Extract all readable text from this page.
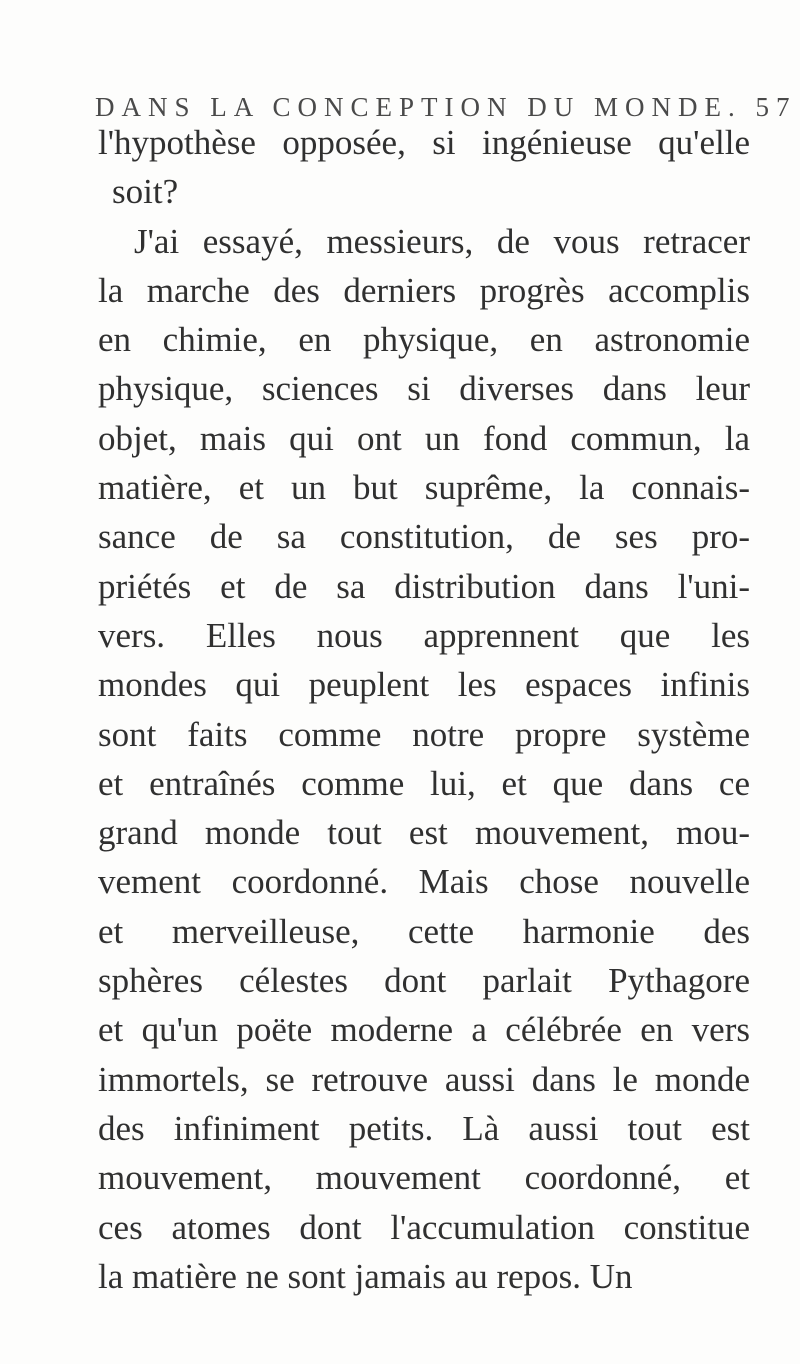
DANS LA CONCEPTION DU MONDE. 57
l'hypothèse opposée, si ingénieuse qu'elle
soit?
J'ai essayé, messieurs, de vous retracer
la marche des derniers progrès accomplis
en chimie, en physique, en astronomie
physique, sciences si diverses dans leur
objet, mais qui ont un fond commun, la
matière, et un but suprême, la connais-
sance de sa constitution, de ses pro-
priétés et de sa distribution dans l'uni-
vers. Elles nous apprennent que les
mondes qui peuplent les espaces infinis
sont faits comme notre propre système
et entraînés comme lui, et que dans ce
grand monde tout est mouvement, mou-
vement coordonné. Mais chose nouvelle
et merveilleuse, cette harmonie des
sphères célestes dont parlait Pythagore
et qu'un poëte moderne a célébrée en vers
immortels, se retrouve aussi dans le monde
des infiniment petits. Là aussi tout est
mouvement, mouvement coordonné, et
ces atomes dont l'accumulation constitue
la matière ne sont jamais au repos. Un
